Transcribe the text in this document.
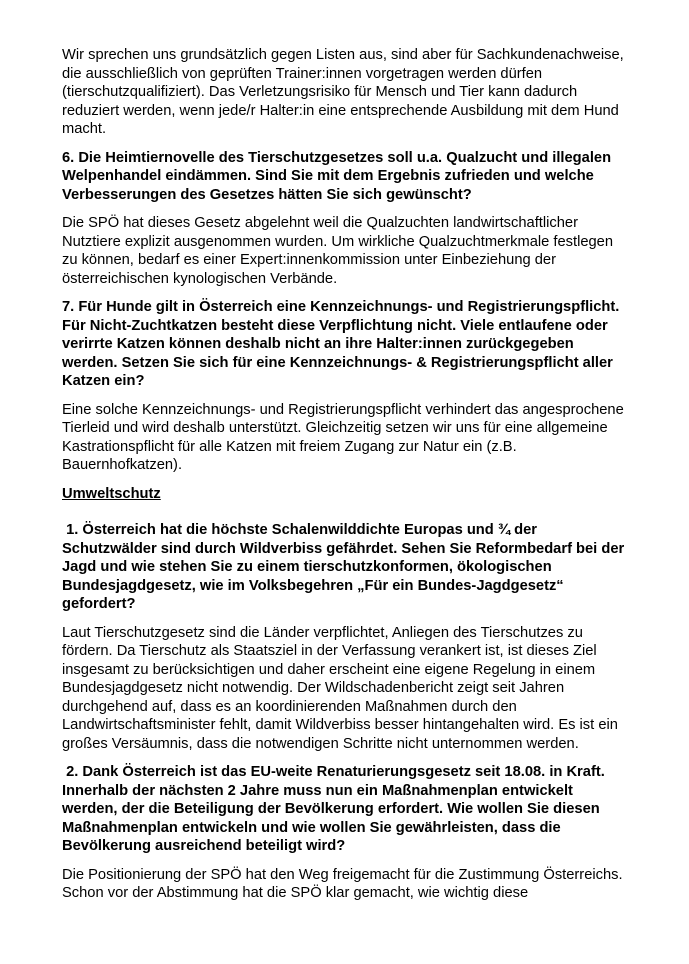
Wir sprechen uns grundsätzlich gegen Listen aus, sind aber für Sachkundenachweise, die ausschließlich von geprüften Trainer:innen vorgetragen werden dürfen (tierschutzqualifiziert). Das Verletzungsrisiko für Mensch und Tier kann dadurch reduziert werden, wenn jede/r Halter:in eine entsprechende Ausbildung mit dem Hund macht.

6. Die Heimtiernovelle des Tierschutzgesetzes soll u.a. Qualzucht und illegalen Welpenhandel eindämmen. Sind Sie mit dem Ergebnis zufrieden und welche Verbesserungen des Gesetzes hätten Sie sich gewünscht?

Die SPÖ hat dieses Gesetz abgelehnt weil die Qualzuchten landwirtschaftlicher Nutztiere explizit ausgenommen wurden. Um wirkliche Qualzuchtmerkmale festlegen zu können, bedarf es einer Expert:innenkommission unter Einbeziehung der österreichischen kynologischen Verbände.

7. Für Hunde gilt in Österreich eine Kennzeichnungs- und Registrierungspflicht. Für Nicht-Zuchtkatzen besteht diese Verpflichtung nicht. Viele entlaufene oder verirrte Katzen können deshalb nicht an ihre Halter:innen zurückgegeben werden. Setzen Sie sich für eine Kennzeichnungs- & Registrierungspflicht aller Katzen ein?

Eine solche Kennzeichnungs- und Registrierungspflicht verhindert das angesprochene Tierleid und wird deshalb unterstützt. Gleichzeitig setzen wir uns für eine allgemeine Kastrationspflicht für alle Katzen mit freiem Zugang zur Natur ein (z.B. Bauernhofkatzen).

Umweltschutz

1. Österreich hat die höchste Schalenwilddichte Europas und ¾ der Schutzwälder sind durch Wildverbiss gefährdet. Sehen Sie Reformbedarf bei der Jagd und wie stehen Sie zu einem tierschutzkonformen, ökologischen Bundesjagdgesetz, wie im Volksbegehren „Für ein Bundes-Jagdgesetz“ gefordert?

Laut Tierschutzgesetz sind die Länder verpflichtet, Anliegen des Tierschutzes zu fördern. Da Tierschutz als Staatsziel in der Verfassung verankert ist, ist dieses Ziel insgesamt zu berücksichtigen und daher erscheint eine eigene Regelung in einem Bundesjagdgesetz nicht notwendig. Der Wildschadenbericht zeigt seit Jahren durchgehend auf, dass es an koordinierenden Maßnahmen durch den Landwirtschaftsminister fehlt, damit Wildverbiss besser hintangehalten wird. Es ist ein großes Versäumnis, dass die notwendigen Schritte nicht unternommen werden.

2. Dank Österreich ist das EU-weite Renaturierungsgesetz seit 18.08. in Kraft. Innerhalb der nächsten 2 Jahre muss nun ein Maßnahmenplan entwickelt werden, der die Beteiligung der Bevölkerung erfordert. Wie wollen Sie diesen Maßnahmenplan entwickeln und wie wollen Sie gewährleisten, dass die Bevölkerung ausreichend beteiligt wird?

Die Positionierung der SPÖ hat den Weg freigemacht für die Zustimmung Österreichs. Schon vor der Abstimmung hat die SPÖ klar gemacht, wie wichtig diese
